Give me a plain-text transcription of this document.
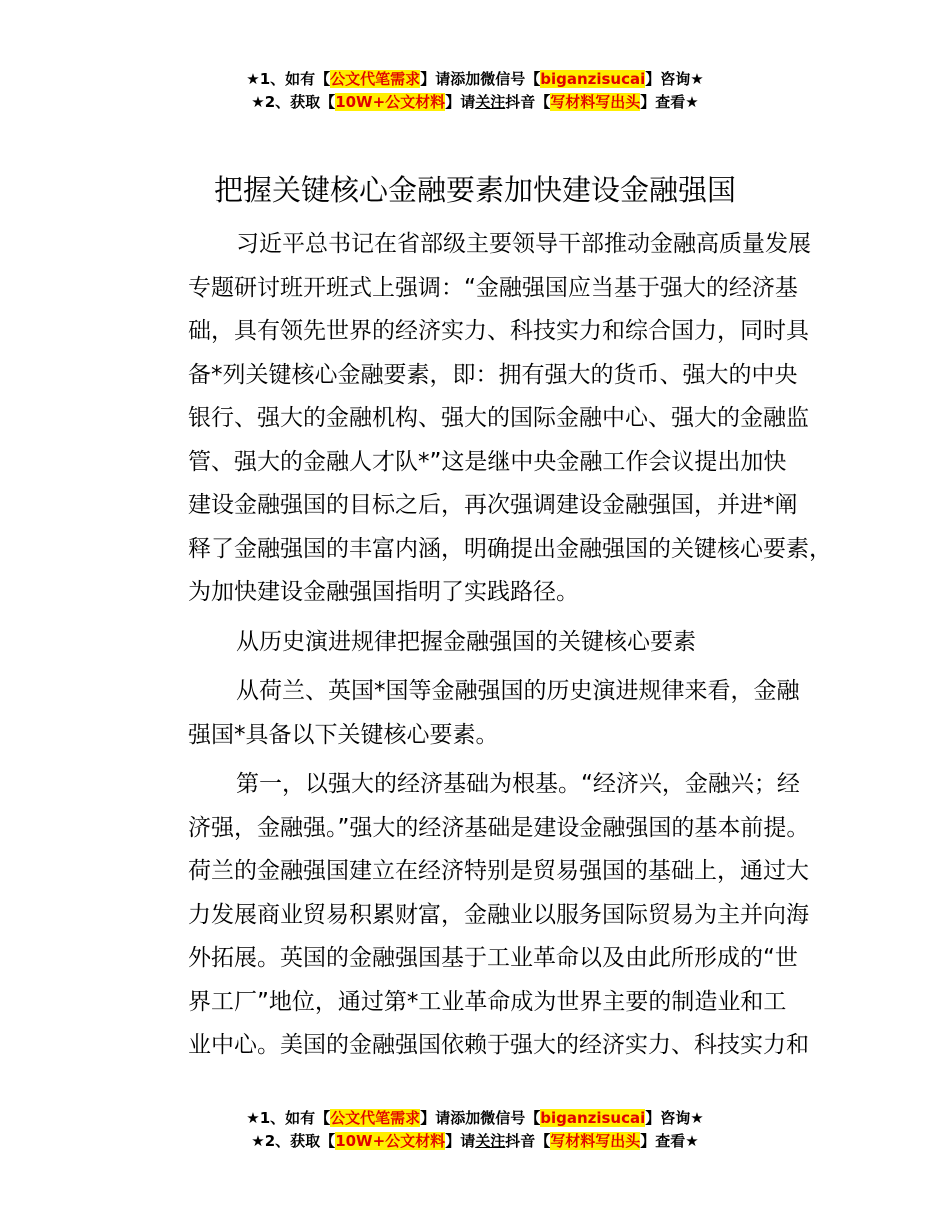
★1、如有【公文代笔需求】请添加微信号【biganzisucai】咨询★
★2、获取【10W+公文材料】请关注抖音【写材料写出头】查看★
把握关键核心金融要素加快建设金融强国

习近平总书记在省部级主要领导干部推动金融高质量发展
专题研讨班开班式上强调：“金融强国应当基于强大的经济基
础，具有领先世界的经济实力、科技实力和综合国力，同时具
备*列关键核心金融要素，即：拥有强大的货币、强大的中央
银行、强大的金融机构、强大的国际金融中心、强大的金融监
管、强大的金融人才队*”这是继中央金融工作会议提出加快
建设金融强国的目标之后，再次强调建设金融强国，并进*阐
释了金融强国的丰富内涵，明确提出金融强国的关键核心要素，
为加快建设金融强国指明了实践路径。

从历史演进规律把握金融强国的关键核心要素

从荷兰、英国*国等金融强国的历史演进规律来看，金融
强国*具备以下关键核心要素。

第一，以强大的经济基础为根基。“经济兴，金融兴；经
济强，金融强。”强大的经济基础是建设金融强国的基本前提。
荷兰的金融强国建立在经济特别是贸易强国的基础上，通过大
力发展商业贸易积累财富，金融业以服务国际贸易为主并向海
外拓展。英国的金融强国基于工业革命以及由此所形成的“世
界工厂”地位，通过第*工业革命成为世界主要的制造业和工
业中心。美国的金融强国依赖于强大的经济实力、科技实力和

★1、如有【公文代笔需求】请添加微信号【biganzisucai】咨询★
★2、获取【10W+公文材料】请关注抖音【写材料写出头】查看★
